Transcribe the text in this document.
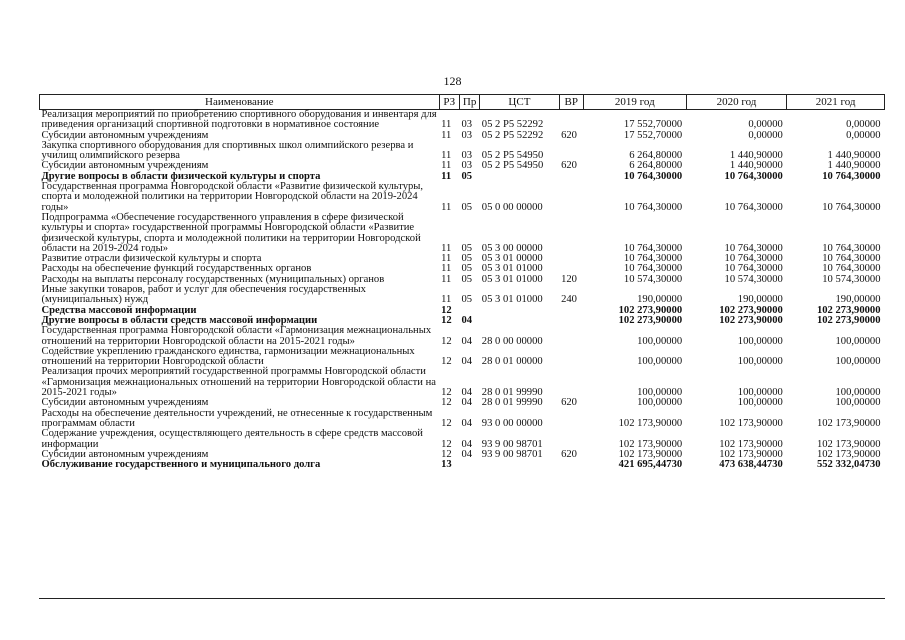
128
Наименование	РЗ	Пр	ЦСТ	ВР	2019 год	2020 год	2021 год
Реализация мероприятий по приобретению спортивного оборудования и инвентаря для приведения организаций спортивной подготовки в нормативное состояние	11	03	05 2 P5 52292		17 552,70000	0,00000	0,00000
Субсидии автономным учреждениям	11	03	05 2 P5 52292	620	17 552,70000	0,00000	0,00000
Закупка спортивного оборудования для спортивных школ олимпийского резерва и училищ олимпийского резерва	11	03	05 2 P5 54950		6 264,80000	1 440,90000	1 440,90000
Субсидии автономным учреждениям	11	03	05 2 P5 54950	620	6 264,80000	1 440,90000	1 440,90000
Другие вопросы в области физической культуры и спорта	11	05			10 764,30000	10 764,30000	10 764,30000
Государственная программа Новгородской области «Развитие физической культуры, спорта и молодежной политики на территории Новгородской области на 2019-2024 годы»	11	05	05 0 00 00000		10 764,30000	10 764,30000	10 764,30000
Подпрограмма «Обеспечение государственного управления в сфере физической культуры и спорта» государственной программы Новгородской области «Развитие физической культуры, спорта и молодежной политики на территории Новгородской области на 2019-2024 годы»	11	05	05 3 00 00000		10 764,30000	10 764,30000	10 764,30000
Развитие отрасли физической культуры и спорта	11	05	05 3 01 00000		10 764,30000	10 764,30000	10 764,30000
Расходы на обеспечение функций государственных органов	11	05	05 3 01 01000		10 764,30000	10 764,30000	10 764,30000
Расходы на выплаты персоналу государственных (муниципальных) органов	11	05	05 3 01 01000	120	10 574,30000	10 574,30000	10 574,30000
Иные закупки товаров, работ и услуг для обеспечения государственных (муниципальных) нужд	11	05	05 3 01 01000	240	190,00000	190,00000	190,00000
Средства массовой информации	12				102 273,90000	102 273,90000	102 273,90000
Другие вопросы в области средств массовой информации	12	04			102 273,90000	102 273,90000	102 273,90000
Государственная программа Новгородской области «Гармонизация межнациональных отношений на территории Новгородской области на 2015-2021 годы»	12	04	28 0 00 00000		100,00000	100,00000	100,00000
Содействие укреплению гражданского единства, гармонизации межнациональных отношений на территории Новгородской области	12	04	28 0 01 00000		100,00000	100,00000	100,00000
Реализация прочих мероприятий государственной программы Новгородской области «Гармонизация межнациональных отношений на территории Новгородской области на 2015-2021 годы»	12	04	28 0 01 99990		100,00000	100,00000	100,00000
Субсидии автономным учреждениям	12	04	28 0 01 99990	620	100,00000	100,00000	100,00000
Расходы на обеспечение деятельности учреждений, не отнесенные к государственным программам области	12	04	93 0 00 00000		102 173,90000	102 173,90000	102 173,90000
Содержание учреждения, осуществляющего деятельность в сфере средств массовой информации	12	04	93 9 00 98701		102 173,90000	102 173,90000	102 173,90000
Субсидии автономным учреждениям	12	04	93 9 00 98701	620	102 173,90000	102 173,90000	102 173,90000
Обслуживание государственного и муниципального долга	13				421 695,44730	473 638,44730	552 332,04730
